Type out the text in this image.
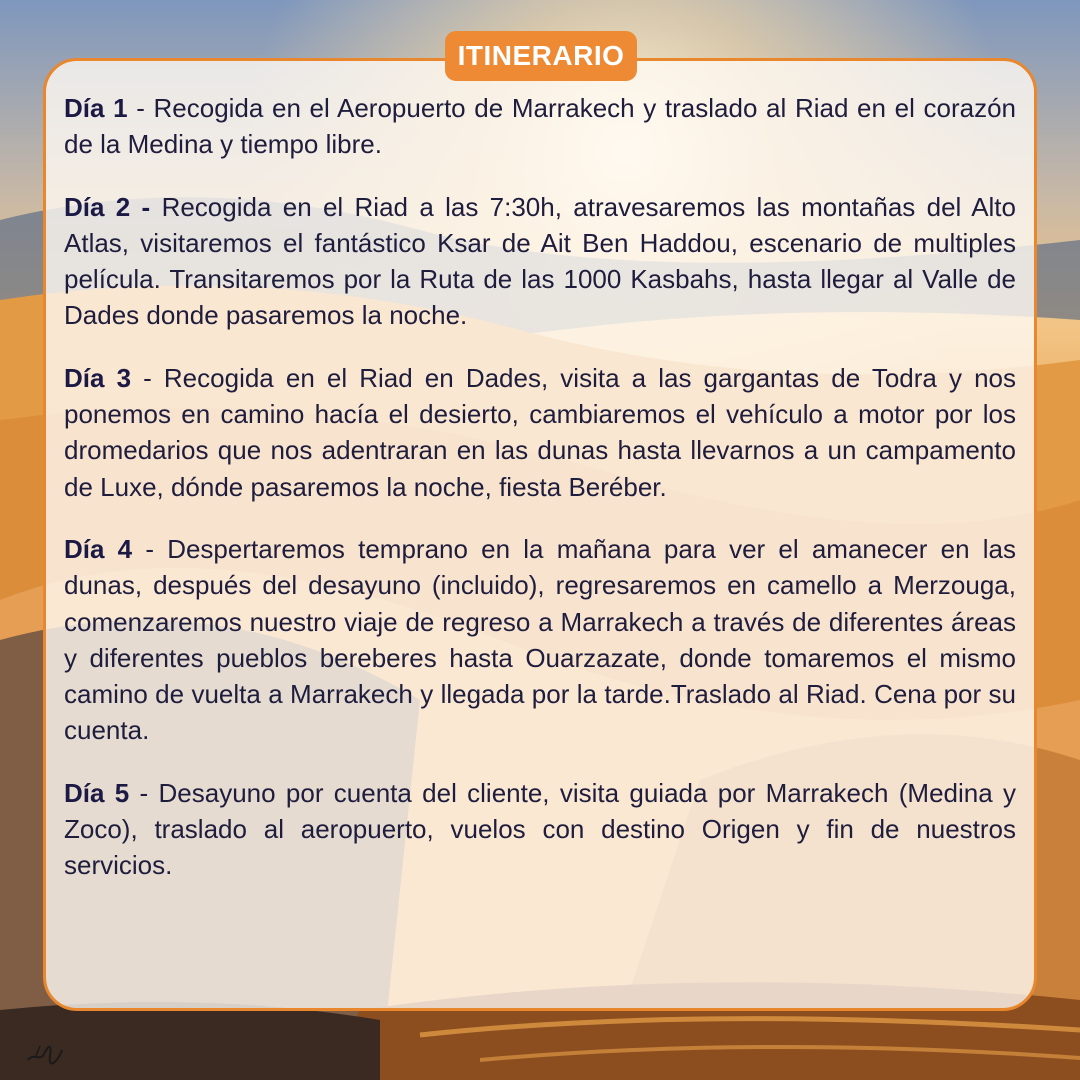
ITINERARIO

Día 1 - Recogida en el Aeropuerto de Marrakech y traslado al Riad en el corazón de la Medina y tiempo libre.

Día 2 - Recogida en el Riad a las 7:30h, atravesaremos las montañas del Alto Atlas, visitaremos el fantástico Ksar de Ait Ben Haddou, escenario de multiples película. Transitaremos por la Ruta de las 1000 Kasbahs, hasta llegar al Valle de Dades donde pasaremos la noche.

Día 3 - Recogida en el Riad en Dades, visita a las gargantas de Todra y nos ponemos en camino hacía el desierto, cambiaremos el vehículo a motor por los dromedarios que nos adentraran en las dunas hasta llevarnos a un campamento de Luxe, dónde pasaremos la noche, fiesta Beréber.

Día 4 - Despertaremos temprano en la mañana para ver el amanecer en las dunas, después del desayuno (incluido), regresaremos en camello a Merzouga, comenzaremos nuestro viaje de regreso a Marrakech a través de diferentes áreas y diferentes pueblos bereberes hasta Ouarzazate, donde tomaremos el mismo camino de vuelta a Marrakech y llegada por la tarde.Traslado al Riad. Cena por su cuenta.

Día 5 - Desayuno por cuenta del cliente, visita guiada por Marrakech (Medina y Zoco), traslado al aeropuerto, vuelos con destino Origen y fin de nuestros servicios.
